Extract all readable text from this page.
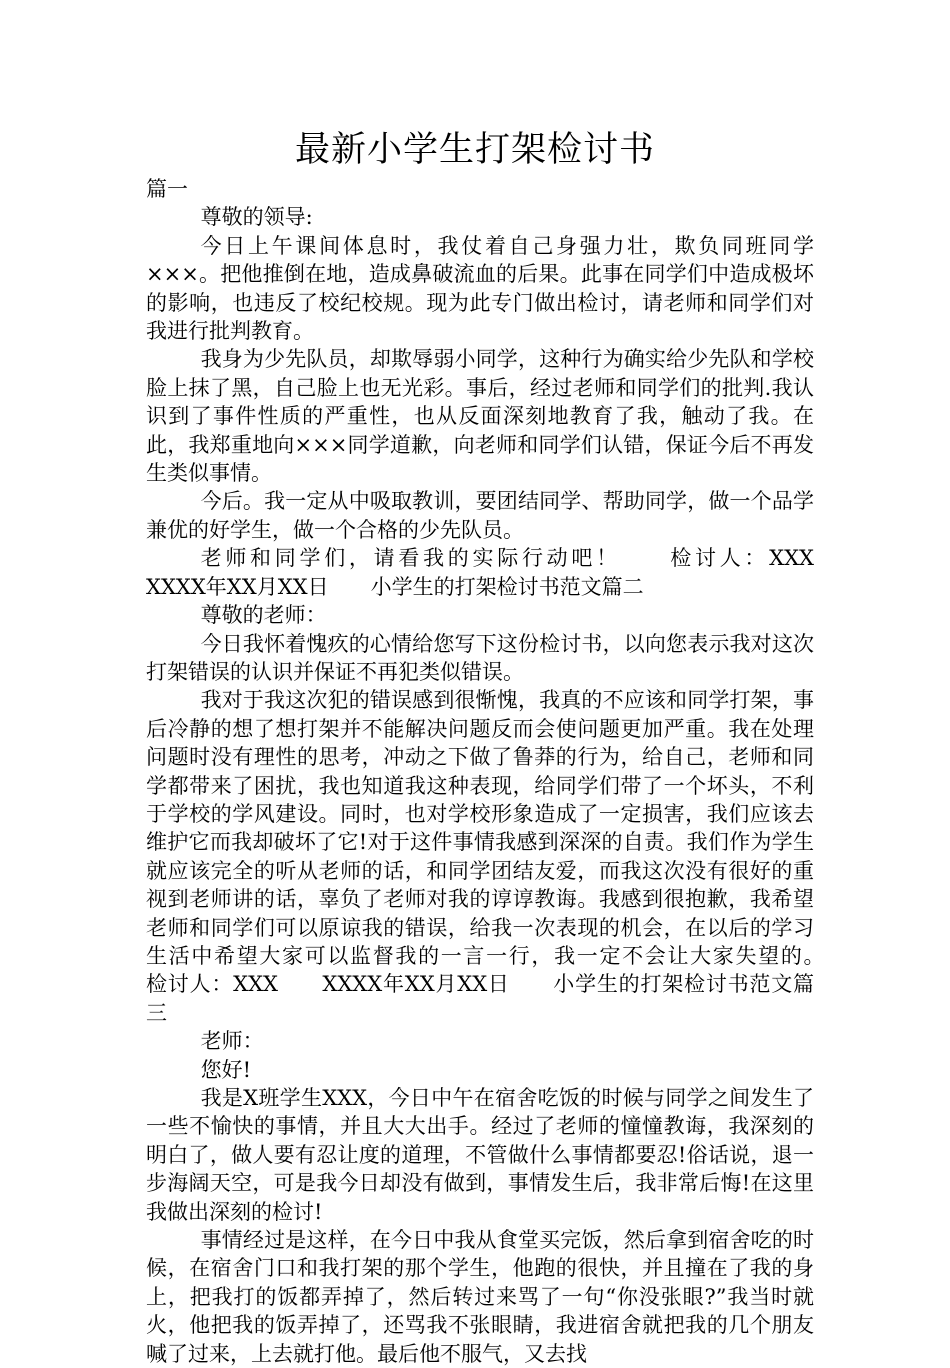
最新小学生打架检讨书

篇一

尊敬的领导:

今日上午课间体息时，我仗着自己身强力壮，欺负同班同学×××。把他推倒在地，造成鼻破流血的后果。此事在同学们中造成极坏的影响，也违反了校纪校规。现为此专门做出检讨，请老师和同学们对我进行批判教育。

我身为少先队员，却欺辱弱小同学，这种行为确实给少先队和学校脸上抹了黑，自己脸上也无光彩。事后，经过老师和同学们的批判.我认识到了事件性质的严重性，也从反面深刻地教育了我，触动了我。在此，我郑重地向×××同学道歉，向老师和同学们认错，保证今后不再发生类似事情。

今后。我一定从中吸取教训，要团结同学、帮助同学，做一个品学兼优的好学生，做一个合格的少先队员。

老师和同学们，请看我的实际行动吧！　　检讨人：XXX　　XXXX年XX月XX日　　小学生的打架检讨书范文篇二

尊敬的老师：

今日我怀着愧疚的心情给您写下这份检讨书，以向您表示我对这次打架错误的认识并保证不再犯类似错误。

我对于我这次犯的错误感到很惭愧，我真的不应该和同学打架，事后冷静的想了想打架并不能解决问题反而会使问题更加严重。我在处理问题时没有理性的思考，冲动之下做了鲁莽的行为，给自己，老师和同学都带来了困扰，我也知道我这种表现，给同学们带了一个坏头，不利于学校的学风建设。同时，也对学校形象造成了一定损害，我们应该去维护它而我却破坏了它!对于这件事情我感到深深的自责。我们作为学生就应该完全的听从老师的话，和同学团结友爱，而我这次没有很好的重视到老师讲的话，辜负了老师对我的谆谆教诲。我感到很抱歉，我希望老师和同学们可以原谅我的错误，给我一次表现的机会，在以后的学习生活中希望大家可以监督我的一言一行，我一定不会让大家失望的。　　检讨人：XXX　　XXXX年XX月XX日　　小学生的打架检讨书范文篇三

老师：

您好!

我是X班学生XXX，今日中午在宿舍吃饭的时候与同学之间发生了一些不愉快的事情，并且大大出手。经过了老师的憧憧教诲，我深刻的明白了，做人要有忍让度的道理，不管做什么事情都要忍!俗话说，退一步海阔天空，可是我今日却没有做到，事情发生后，我非常后悔!在这里我做出深刻的检讨!

事情经过是这样，在今日中我从食堂买完饭，然后拿到宿舍吃的时候，在宿舍门口和我打架的那个学生，他跑的很快，并且撞在了我的身上，把我打的饭都弄掉了，然后转过来骂了一句“你没张眼?”我当时就火，他把我的饭弄掉了，还骂我不张眼睛，我进宿舍就把我的几个朋友喊了过来，上去就打他。最后他不服气，又去找
